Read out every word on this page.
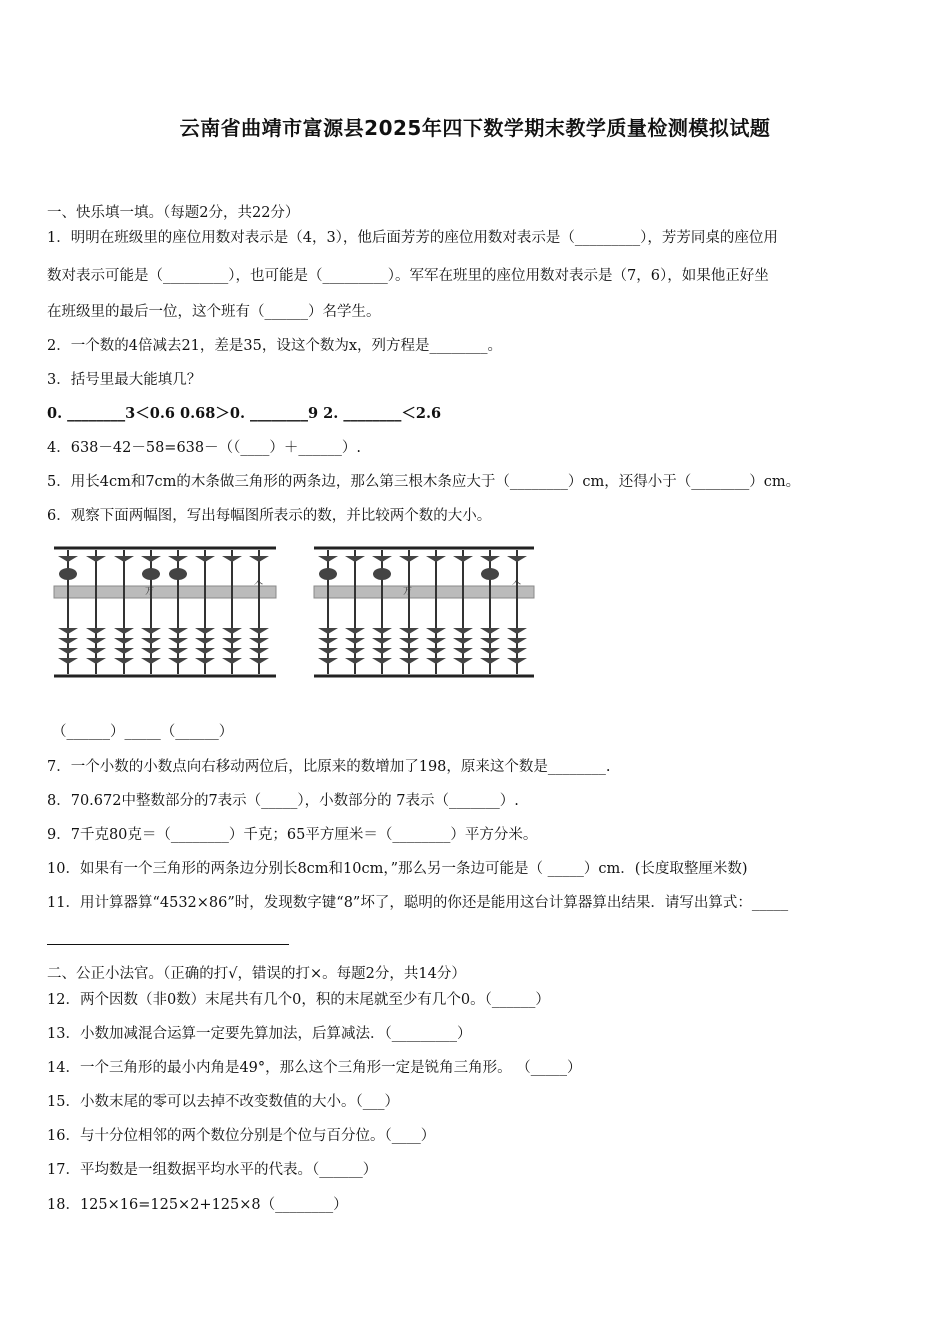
云南省曲靖市富源县2025年四下数学期末教学质量检测模拟试题
一、快乐填一填。（每题2分，共22分）
1．明明在班级里的座位用数对表示是（4，3），他后面芳芳的座位用数对表示是（_________），芳芳同桌的座位用
数对表示可能是（_________），也可能是（_________）。军军在班里的座位用数对表示是（7，6），如果他正好坐
在班级里的最后一位，这个班有（______）名学生。
2．一个数的4倍减去21，差是35，设这个数为x，列方程是________。
3．括号里最大能填几？
0. ________3＜0.6 0.68＞0. ________9 2. ________＜2.6
4．638－42－58=638－（（____）＋______）.
5．用长4cm和7cm的木条做三角形的两条边，那么第三根木条应大于（________）cm，还得小于（________）cm。
6．观察下面两幅图，写出每幅图所表示的数，并比较两个数的大小。
万
个
万
个
（______）_____（______）
7．一个小数的小数点向右移动两位后，比原来的数增加了198，原来这个数是________.
8．70.672中整数部分的7表示（_____），小数部分的 7表示（_______）.
9．7千克80克＝（________）千克；65平方厘米＝（________）平方分米。
10．如果有一个三角形的两条边分别长8cm和10cm，”那么另一条边可能是（ _____）cm．(长度取整厘米数)
11．用计算器算“4532×86”时，发现数字键“8”坏了，聪明的你还是能用这台计算器算出结果．请写出算式：_____
二、公正小法官。（正确的打√，错误的打×。每题2分，共14分）
12．两个因数（非0数）末尾共有几个0，积的末尾就至少有几个0。（______）
13．小数加减混合运算一定要先算加法，后算减法．（_________）
14．一个三角形的最小内角是49°，那么这个三角形一定是锐角三角形。 （_____）
15．小数末尾的零可以去掉不改变数值的大小。（___）
16．与十分位相邻的两个数位分别是个位与百分位。（____）
17．平均数是一组数据平均水平的代表。（______）
18．125×16=125×2+125×8（________）
